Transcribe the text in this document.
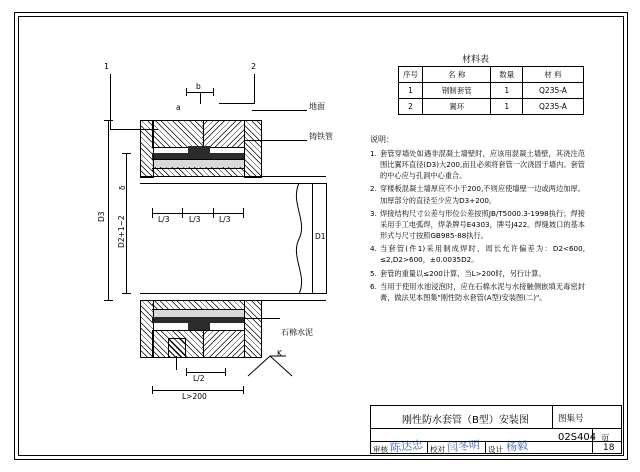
1	2
b
a	地面
铸铁管
D1
D3 D2+1~2
δ
石棉水泥
L/3	L/3 L/3
L/2
L>200
K
材料表
序号	名 称	数量	材 料
1	钢制套管	1	Q235-A
2	翼环	1	Q235-A
说明：
1. 套管穿墙处如遇非混凝土墙壁时，应该用混凝土墙壁，其浇注范围比翼环直径(D3)大200,而且必须将套管一次浇固于墙内。套管的中心应与孔洞中心重合。
2. 穿楼板混凝土墙厚应不小于200,不则应使墙壁一边或两边加厚。加厚部分的直径至少应为D3+200。
3. 焊接结构尺寸公差与形位公差按照JB/T5000.3-1998执行；焊接采用手工电弧焊，焊条牌号E4303，牌号J422。焊缝坡口的基本形式与尺寸按照GB985-88执行。
4. 当套管(件1)采用制成焊时，周长允许偏差为：D2<600, ≤2,D2>600，±0.0035D2。
5. 套管的重量以≤200计算，当L>200时，另行计算。
6. 当用于使用水池浸泡时，应在石棉水泥与水接触侧嵌填无毒密封膏，做法见本图集"刚性防水套管(A型)安装图(二)"。
刚性防水套管（B型）安装图	图集号
02S404 页
18
审核 陈达忠 校对 闫冬明 设计 杨毅
